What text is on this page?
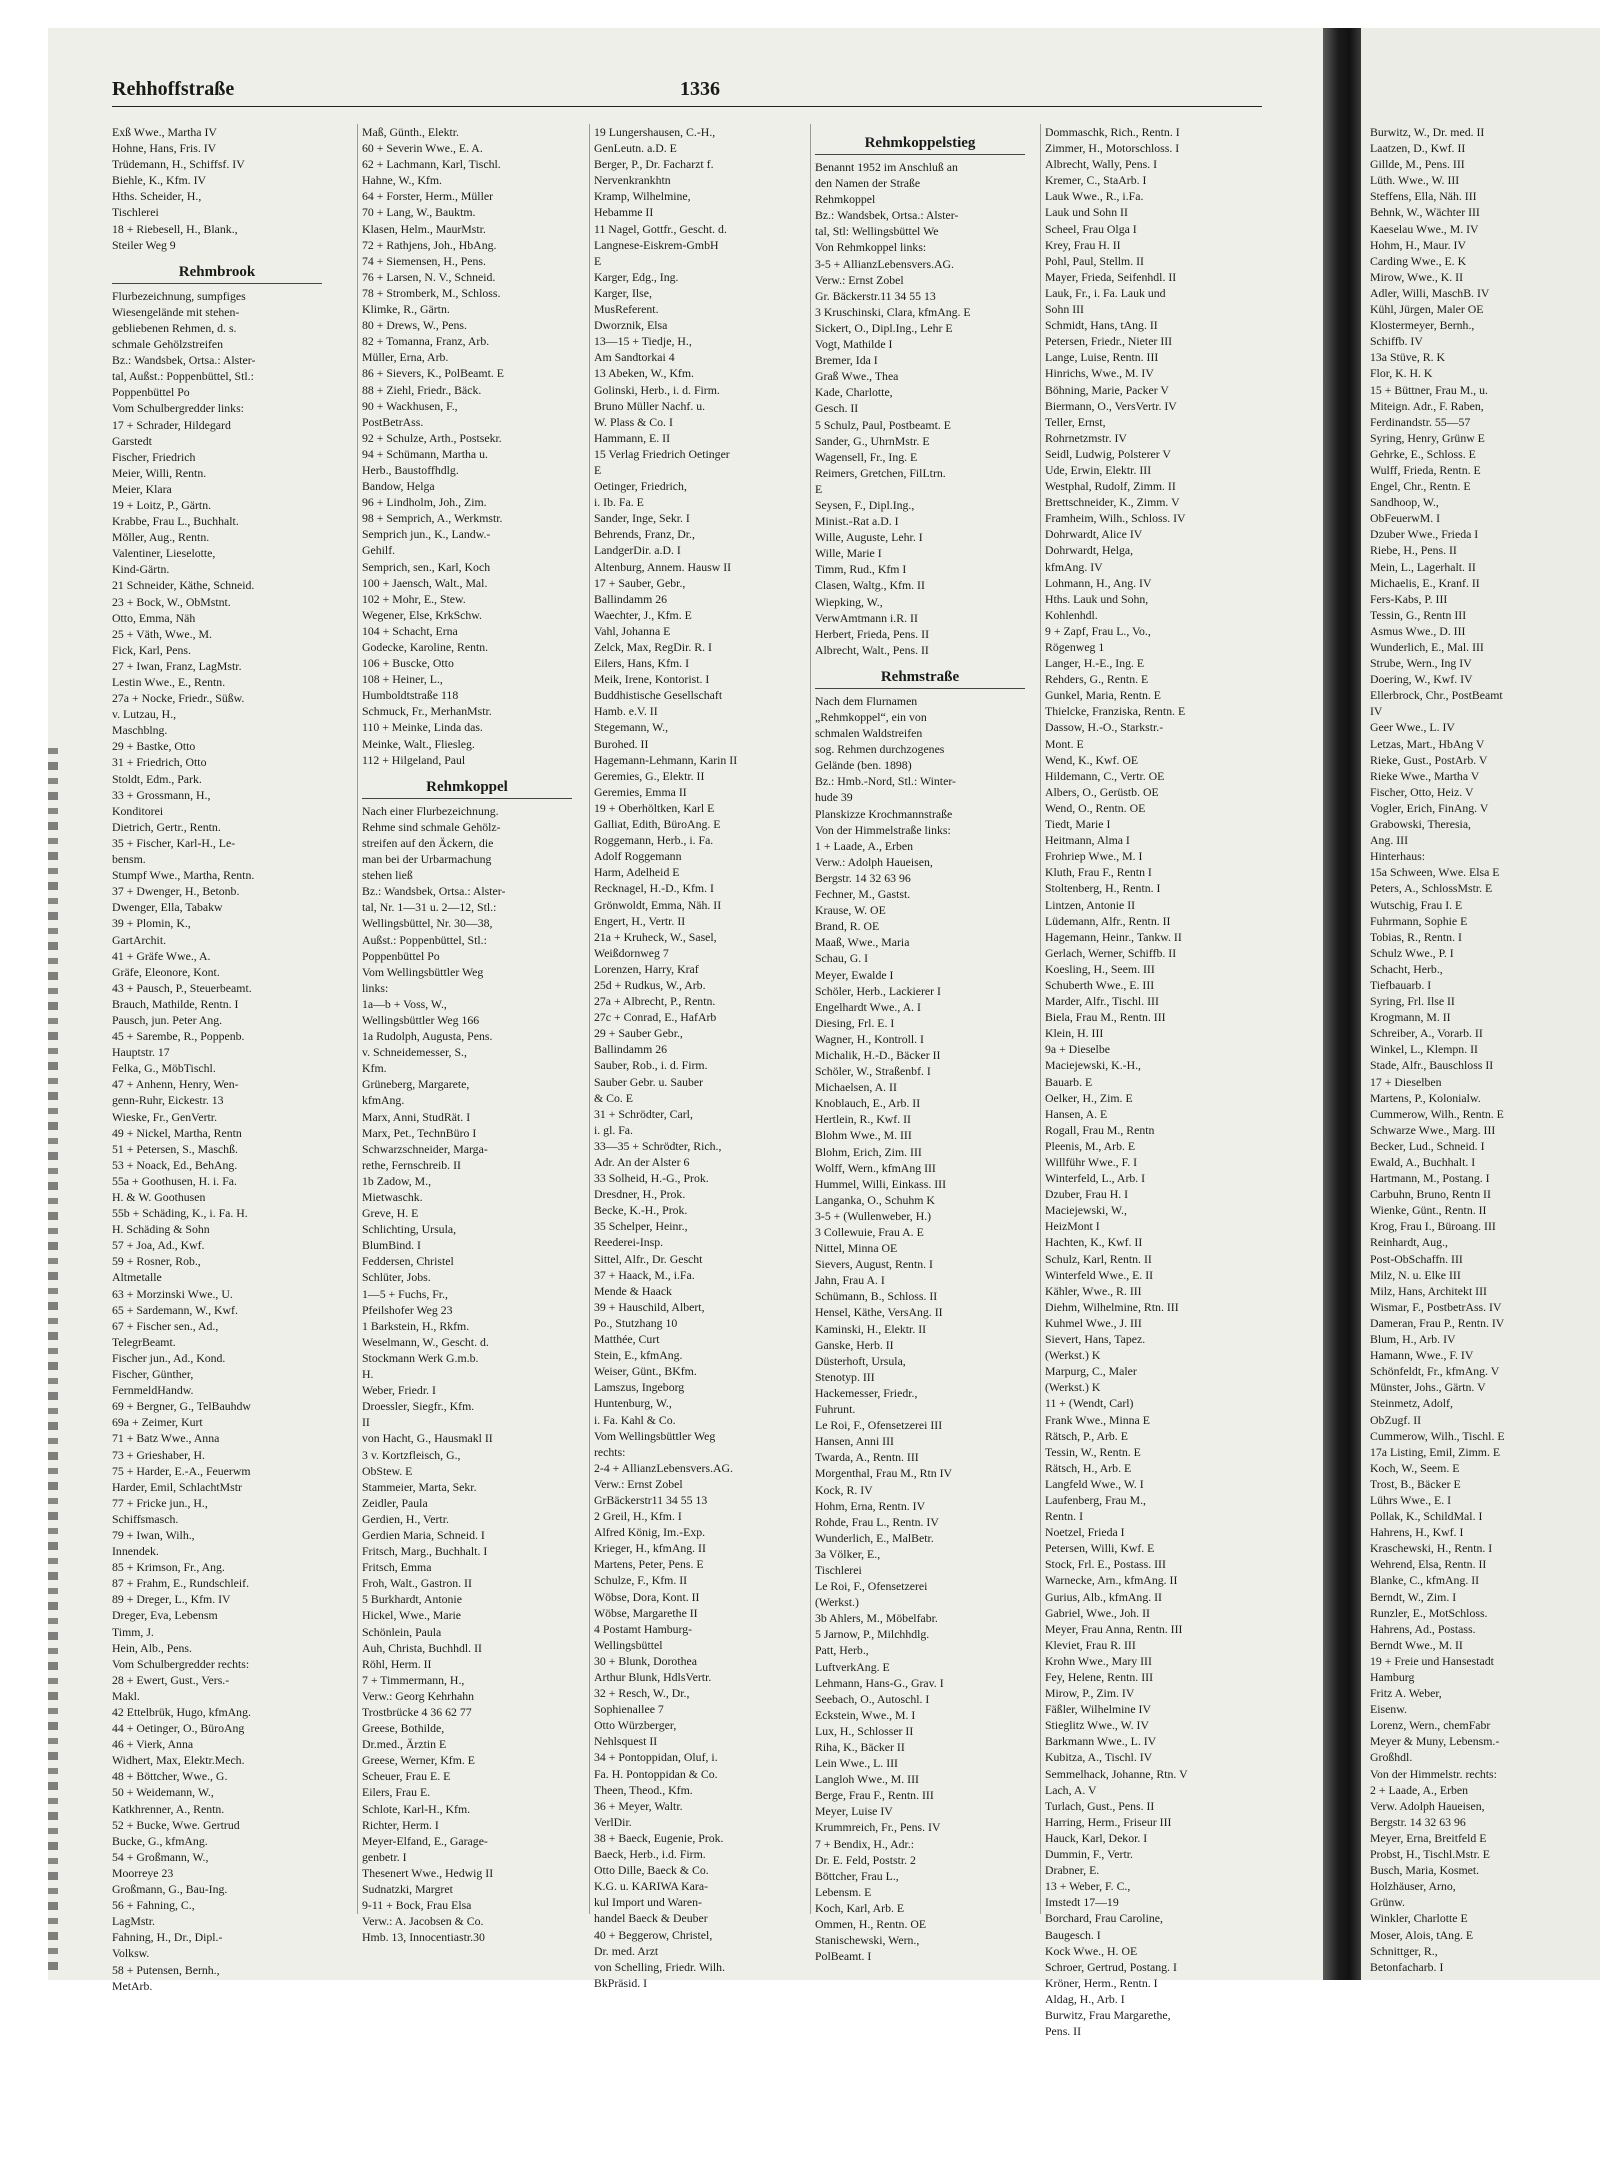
Rehhoffstraße	1336
Exß Wwe., Martha IV
Hohne, Hans, Fris. IV
Trüdemann, H., Schiffsf. IV
Biehle, K., Kfm. IV
Hths. Scheider, H.,
Tischlerei
18 + Riebesell, H., Blank.,
Steiler Weg 9
Rehmbrook
Flurbezeichnung, sumpfiges
Wiesengelände mit stehen-
gebliebenen Rehmen, d. s.
schmale Gehölzstreifen
Bz.: Wandsbek, Ortsa.: Alster-
tal, Außst.: Poppenbüttel, Stl.:
Poppenbüttel Po
Vom Schulbergredder links:
17 + Schrader, Hildegard
Garstedt
Fischer, Friedrich
Meier, Willi, Rentn.
Meier, Klara
19 + Loitz, P., Gärtn.
Krabbe, Frau L., Buchhalt.
Möller, Aug., Rentn.
Valentiner, Lieselotte,
Kind-Gärtn.
21 Schneider, Käthe, Schneid.
23 + Bock, W., ObMstnt.
Otto, Emma, Näh
25 + Väth, Wwe., M.
Fick, Karl, Pens.
27 + Iwan, Franz, LagMstr.
Lestin Wwe., E., Rentn.
27a + Nocke, Friedr., Süßw.
v. Lutzau, H.,
Maschblng.
29 + Bastke, Otto
31 + Friedrich, Otto
Stoldt, Edm., Park.
33 + Grossmann, H.,
Konditorei
Dietrich, Gertr., Rentn.
35 + Fischer, Karl-H., Le-
bensm.
Stumpf Wwe., Martha, Rentn.
37 + Dwenger, H., Betonb.
Dwenger, Ella, Tabakw
39 + Plomin, K.,
GartArchit.
41 + Gräfe Wwe., A.
Gräfe, Eleonore, Kont.
43 + Pausch, P., Steuerbeamt.
Brauch, Mathilde, Rentn. I
Pausch, jun. Peter Ang.
45 + Sarembe, R., Poppenb.
Hauptstr. 17
Felka, G., MöbTischl.
47 + Anhenn, Henry, Wen-
genn-Ruhr, Eickestr. 13
Wieske, Fr., GenVertr.
49 + Nickel, Martha, Rentn
51 + Petersen, S., Maschß.
53 + Noack, Ed., BehAng.
55a + Goothusen, H. i. Fa.
H. & W. Goothusen
55b + Schäding, K., i. Fa. H.
H. Schäding & Sohn
57 + Joa, Ad., Kwf.
59 + Rosner, Rob.,
Altmetalle
63 + Morzinski Wwe., U.
65 + Sardemann, W., Kwf.
67 + Fischer sen., Ad.,
TelegrBeamt.
Fischer jun., Ad., Kond.
Fischer, Günther,
FernmeldHandw.
69 + Bergner, G., TelBauhdw
69a + Zeimer, Kurt
71 + Batz Wwe., Anna
73 + Grieshaber, H.
75 + Harder, E.-A., Feuerwm
Harder, Emil, SchlachtMstr
77 + Fricke jun., H.,
Schiffsmasch.
79 + Iwan, Wilh.,
Innendek.
85 + Krimson, Fr., Ang.
87 + Frahm, E., Rundschleif.
89 + Dreger, L., Kfm. IV
Dreger, Eva, Lebensm
Timm, J.
Hein, Alb., Pens.
Vom Schulbergredder rechts:
28 + Ewert, Gust., Vers.-
Makl.
42 Ettelbrük, Hugo, kfmAng.
44 + Oetinger, O., BüroAng
46 + Vierk, Anna
Widhert, Max, Elektr.Mech.
48 + Böttcher, Wwe., G.
50 + Weidemann, W.,
Katkhrenner, A., Rentn.
52 + Bucke, Wwe. Gertrud
Bucke, G., kfmAng.
54 + Großmann, W.,
Moorreye 23
Großmann, G., Bau-Ing.
56 + Fahning, C.,
LagMstr.
Fahning, H., Dr., Dipl.-
Volksw.
58 + Putensen, Bernh.,
MetArb.
Maß, Günth., Elektr.
60 + Severin Wwe., E. A.
62 + Lachmann, Karl, Tischl.
Hahne, W., Kfm.
64 + Forster, Herm., Müller
70 + Lang, W., Bauktm.
Klasen, Helm., MaurMstr.
72 + Rathjens, Joh., HbAng.
74 + Siemensen, H., Pens.
76 + Larsen, N. V., Schneid.
78 + Stromberk, M., Schloss.
Klimke, R., Gärtn.
80 + Drews, W., Pens.
82 + Tomanna, Franz, Arb.
Müller, Erna, Arb.
86 + Sievers, K., PolBeamt. E
88 + Ziehl, Friedr., Bäck.
90 + Wackhusen, F.,
PostBetrAss.
92 + Schulze, Arth., Postsekr.
94 + Schümann, Martha u.
Herb., Baustoffhdlg.
Bandow, Helga
96 + Lindholm, Joh., Zim.
98 + Semprich, A., Werkmstr.
Semprich jun., K., Landw.-
Gehilf.
Semprich, sen., Karl, Koch
100 + Jaensch, Walt., Mal.
102 + Mohr, E., Stew.
Wegener, Else, KrkSchw.
104 + Schacht, Erna
Godecke, Karoline, Rentn.
106 + Buscke, Otto
108 + Heiner, L.,
Humboldtstraße 118
Schmuck, Fr., MerhanMstr.
110 + Meinke, Linda das.
Meinke, Walt., Fliesleg.
112 + Hilgeland, Paul
Rehmkoppel
Nach einer Flurbezeichnung.
Rehme sind schmale Gehölz-
streifen auf den Äckern, die
man bei der Urbarmachung
stehen ließ
Bz.: Wandsbek, Ortsa.: Alster-
tal, Nr. 1—31 u. 2—12, Stl.:
Wellingsbüttel, Nr. 30—38,
Außst.: Poppenbüttel, Stl.:
Poppenbüttel Po
Vom Wellingsbüttler Weg
links:
1a—b + Voss, W.,
Wellingsbüttler Weg 166
1a Rudolph, Augusta, Pens.
v. Schneidemesser, S.,
Kfm.
Grüneberg, Margarete,
kfmAng.
Marx, Anni, StudRät. I
Marx, Pet., TechnBüro I
Schwarzschneider, Marga-
rethe, Fernschreib. II
1b Zadow, M.,
Mietwaschk.
Greve, H. E
Schlichting, Ursula,
BlumBind. I
Feddersen, Christel
Schlüter, Jobs.
1—5 + Fuchs, Fr.,
Pfeilshofer Weg 23
1 Barkstein, H., Rkfm.
Weselmann, W., Gescht. d.
Stockmann Werk G.m.b.
H.
Weber, Friedr. I
Droessler, Siegfr., Kfm.
II
von Hacht, G., Hausmakl II
3 v. Kortzfleisch, G.,
ObStew. E
Stammeier, Marta, Sekr.
Zeidler, Paula
Gerdien, H., Vertr.
Gerdien Maria, Schneid. I
Fritsch, Marg., Buchhalt. I
Fritsch, Emma
Froh, Walt., Gastron. II
5 Burkhardt, Antonie
Hickel, Wwe., Marie
Schönlein, Paula
Auh, Christa, Buchhdl. II
Röhl, Herm. II
7 + Timmermann, H.,
Verw.: Georg Kehrhahn
Trostbrücke 4 36 62 77
Greese, Bothilde,
Dr.med., Ärztin E
Greese, Werner, Kfm. E
Scheuer, Frau E. E
Eilers, Frau E.
Schlote, Karl-H., Kfm.
Richter, Herm. I
Meyer-Elfand, E., Garage-
genbetr. I
Thesenert Wwe., Hedwig II
Sudnatzki, Margret
9-11 + Bock, Frau Elsa
Verw.: A. Jacobsen & Co.
Hmb. 13, Innocentiastr.30
19 Lungershausen, C.-H.,
GenLeutn. a.D. E
Berger, P., Dr. Facharzt f.
Nervenkrankhtn
Kramp, Wilhelmine,
Hebamme II
11 Nagel, Gottfr., Gescht. d.
Langnese-Eiskrem-GmbH
E
Karger, Edg., Ing.
Karger, Ilse,
MusReferent.
Dworznik, Elsa
13—15 + Tiedje, H.,
Am Sandtorkai 4
13 Abeken, W., Kfm.
Golinski, Herb., i. d. Firm.
Bruno Müller Nachf. u.
W. Plass & Co. I
Hammann, E. II
15 Verlag Friedrich Oetinger
E
Oetinger, Friedrich,
i. Ib. Fa. E
Sander, Inge, Sekr. I
Behrends, Franz, Dr.,
LandgerDir. a.D. I
Altenburg, Annem. Hausw II
17 + Sauber, Gebr.,
Ballindamm 26
Waechter, J., Kfm. E
Vahl, Johanna E
Zelck, Max, RegDir. R. I
Eilers, Hans, Kfm. I
Meik, Irene, Kontorist. I
Buddhistische Gesellschaft
Hamb. e.V. II
Stegemann, W.,
Burohed. II
Hagemann-Lehmann, Karin II
Geremies, G., Elektr. II
Geremies, Emma II
19 + Oberhöltken, Karl E
Galliat, Edith, BüroAng. E
Roggemann, Herb., i. Fa.
Adolf Roggemann
Harm, Adelheid E
Recknagel, H.-D., Kfm. I
Grönwoldt, Emma, Näh. II
Engert, H., Vertr. II
21a + Kruheck, W., Sasel,
Weißdornweg 7
Lorenzen, Harry, Kraf
25d + Rudkus, W., Arb.
27a + Albrecht, P., Rentn.
27c + Conrad, E., HafArb
29 + Sauber Gebr.,
Ballindamm 26
Sauber, Rob., i. d. Firm.
Sauber Gebr. u. Sauber
& Co. E
31 + Schrödter, Carl,
i. gl. Fa.
33—35 + Schrödter, Rich.,
Adr. An der Alster 6
33 Solheid, H.-G., Prok.
Dresdner, H., Prok.
Becke, K.-H., Prok.
35 Schelper, Heinr.,
Reederei-Insp.
Sittel, Alfr., Dr. Gescht
37 + Haack, M., i.Fa.
Mende & Haack
39 + Hauschild, Albert,
Po., Stutzhang 10
Matthée, Curt
Stein, E., kfmAng.
Weiser, Günt., BKfm.
Lamszus, Ingeborg
Huntenburg, W.,
i. Fa. Kahl & Co.
Vom Wellingsbüttler Weg
rechts:
2-4 + AllianzLebensvers.AG.
Verw.: Ernst Zobel
GrBäckerstr11 34 55 13
2 Greil, H., Kfm. I
Alfred König, Im.-Exp.
Krieger, H., kfmAng. II
Martens, Peter, Pens. E
Schulze, F., Kfm. II
Wöbse, Dora, Kont. II
Wöbse, Margarethe II
4 Postamt Hamburg-
Wellingsbüttel
30 + Blunk, Dorothea
Arthur Blunk, HdlsVertr.
32 + Resch, W., Dr.,
Sophienallee 7
Otto Würzberger,
Nehlsquest II
34 + Pontoppidan, Oluf, i.
Fa. H. Pontoppidan & Co.
Theen, Theod., Kfm.
36 + Meyer, Waltr.
VerlDir.
38 + Baeck, Eugenie, Prok.
Baeck, Herb., i.d. Firm.
Otto Dille, Baeck & Co.
K.G. u. KARIWA Kara-
kul Import und Waren-
handel Baeck & Deuber
40 + Beggerow, Christel,
Dr. med. Arzt
von Schelling, Friedr. Wilh.
BkPräsid. I
Rehmkoppelstieg
Benannt 1952 im Anschluß an
den Namen der Straße
Rehmkoppel
Bz.: Wandsbek, Ortsa.: Alster-
tal, Stl: Wellingsbüttel We
Von Rehmkoppel links:
3-5 + AllianzLebensvers.AG.
Verw.: Ernst Zobel
Gr. Bäckerstr.11 34 55 13
3 Kruschinski, Clara, kfmAng. E
Sickert, O., Dipl.Ing., Lehr E
Vogt, Mathilde I
Bremer, Ida I
Graß Wwe., Thea
Kade, Charlotte,
Gesch. II
5 Schulz, Paul, Postbeamt. E
Sander, G., UhrnMstr. E
Wagensell, Fr., Ing. E
Reimers, Gretchen, FilLtrn.
E
Seysen, F., Dipl.Ing.,
Minist.-Rat a.D. I
Wille, Auguste, Lehr. I
Wille, Marie I
Timm, Rud., Kfm I
Clasen, Waltg., Kfm. II
Wiepking, W.,
VerwAmtmann i.R. II
Herbert, Frieda, Pens. II
Albrecht, Walt., Pens. II
Rehmstraße
Nach dem Flurnamen
„Rehmkoppel“, ein von
schmalen Waldstreifen
sog. Rehmen durchzogenes
Gelände (ben. 1898)
Bz.: Hmb.-Nord, Stl.: Winter-
hude 39
Planskizze Krochmannstraße
Von der Himmelstraße links:
1 + Laade, A., Erben
Verw.: Adolph Haueisen,
Bergstr. 14 32 63 96
Fechner, M., Gastst.
Krause, W. OE
Brand, R. OE
Maaß, Wwe., Maria
Schau, G. I
Meyer, Ewalde I
Schöler, Herb., Lackierer I
Engelhardt Wwe., A. I
Diesing, Frl. E. I
Wagner, H., Kontroll. I
Michalik, H.-D., Bäcker II
Schöler, W., Straßenbf. I
Michaelsen, A. II
Knoblauch, E., Arb. II
Hertlein, R., Kwf. II
Blohm Wwe., M. III
Blohm, Erich, Zim. III
Wolff, Wern., kfmAng III
Hummel, Willi, Einkass. III
Langanka, O., Schuhm K
3-5 + (Wullenweber, H.)
3 Collewuie, Frau A. E
Nittel, Minna OE
Sievers, August, Rentn. I
Jahn, Frau A. I
Schümann, B., Schloss. II
Hensel, Käthe, VersAng. II
Kaminski, H., Elektr. II
Ganske, Herb. II
Düsterhoft, Ursula,
Stenotyp. III
Hackemesser, Friedr.,
Fuhrunt.
Le Roi, F., Ofensetzerei III
Hansen, Anni III
Twarda, A., Rentn. III
Morgenthal, Frau M., Rtn IV
Kock, R. IV
Hohm, Erna, Rentn. IV
Rohde, Frau L., Rentn. IV
Wunderlich, E., MalBetr.
3a Völker, E.,
Tischlerei
Le Roi, F., Ofensetzerei
(Werkst.)
3b Ahlers, M., Möbelfabr.
5 Jarnow, P., Milchhdlg.
Patt, Herb.,
LuftverkAng. E
Lehmann, Hans-G., Grav. I
Seebach, O., Autoschl. I
Eckstein, Wwe., M. I
Lux, H., Schlosser II
Riha, K., Bäcker II
Lein Wwe., L. III
Langloh Wwe., M. III
Berge, Frau F., Rentn. III
Meyer, Luise IV
Krummreich, Fr., Pens. IV
7 + Bendix, H., Adr.:
Dr. E. Feld, Poststr. 2
Böttcher, Frau L.,
Lebensm. E
Koch, Karl, Arb. E
Ommen, H., Rentn. OE
Stanischewski, Wern.,
PolBeamt. I
Dommaschk, Rich., Rentn. I
Zimmer, H., Motorschloss. I
Albrecht, Wally, Pens. I
Kremer, C., StaArb. I
Lauk Wwe., R., i.Fa.
Lauk und Sohn II
Scheel, Frau Olga I
Krey, Frau H. II
Pohl, Paul, Stellm. II
Mayer, Frieda, Seifenhdl. II
Lauk, Fr., i. Fa. Lauk und
Sohn III
Schmidt, Hans, tAng. II
Petersen, Friedr., Nieter III
Lange, Luise, Rentn. III
Hinrichs, Wwe., M. IV
Böhning, Marie, Packer V
Biermann, O., VersVertr. IV
Teller, Ernst,
Rohrnetzmstr. IV
Seidl, Ludwig, Polsterer V
Ude, Erwin, Elektr. III
Westphal, Rudolf, Zimm. II
Brettschneider, K., Zimm. V
Framheim, Wilh., Schloss. IV
Dohrwardt, Alice IV
Dohrwardt, Helga,
kfmAng. IV
Lohmann, H., Ang. IV
Hths. Lauk und Sohn,
Kohlenhdl.
9 + Zapf, Frau L., Vo.,
Rögenweg 1
Langer, H.-E., Ing. E
Rehders, G., Rentn. E
Gunkel, Maria, Rentn. E
Thielcke, Franziska, Rentn. E
Dassow, H.-O., Starkstr.-
Mont. E
Wend, K., Kwf. OE
Hildemann, C., Vertr. OE
Albers, O., Gerüstb. OE
Wend, O., Rentn. OE
Tiedt, Marie I
Heitmann, Alma I
Frohriep Wwe., M. I
Kluth, Frau F., Rentn I
Stoltenberg, H., Rentn. I
Lintzen, Antonie II
Lüdemann, Alfr., Rentn. II
Hagemann, Heinr., Tankw. II
Gerlach, Werner, Schiffb. II
Koesling, H., Seem. III
Schuberth Wwe., E. III
Marder, Alfr., Tischl. III
Biela, Frau M., Rentn. III
Klein, H. III
9a + Dieselbe
Maciejewski, K.-H.,
Bauarb. E
Oelker, H., Zim. E
Hansen, A. E
Rogall, Frau M., Rentn
Pleenis, M., Arb. E
Willführ Wwe., F. I
Winterfeld, L., Arb. I
Dzuber, Frau H. I
Maciejewski, W.,
HeizMont I
Hachten, K., Kwf. II
Schulz, Karl, Rentn. II
Winterfeld Wwe., E. II
Kähler, Wwe., R. III
Diehm, Wilhelmine, Rtn. III
Kuhmel Wwe., J. III
Sievert, Hans, Tapez.
(Werkst.) K
Marpurg, C., Maler
(Werkst.) K
11 + (Wendt, Carl)
Frank Wwe., Minna E
Rätsch, P., Arb. E
Tessin, W., Rentn. E
Rätsch, H., Arb. E
Langfeld Wwe., W. I
Laufenberg, Frau M.,
Rentn. I
Noetzel, Frieda I
Petersen, Willi, Kwf. E
Stock, Frl. E., Postass. III
Warnecke, Arn., kfmAng. II
Gurius, Alb., kfmAng. II
Gabriel, Wwe., Joh. II
Meyer, Frau Anna, Rentn. III
Kleviet, Frau R. III
Krohn Wwe., Mary III
Fey, Helene, Rentn. III
Mirow, P., Zim. IV
Fäßler, Wilhelmine IV
Stieglitz Wwe., W. IV
Barkmann Wwe., L. IV
Kubitza, A., Tischl. IV
Semmelhack, Johanne, Rtn. V
Lach, A. V
Turlach, Gust., Pens. II
Harring, Herm., Friseur III
Hauck, Karl, Dekor. I
Dummin, F., Vertr.
Drabner, E.
13 + Weber, F. C.,
Imstedt 17—19
Borchard, Frau Caroline,
Baugesch. I
Kock Wwe., H. OE
Schroer, Gertrud, Postang. I
Kröner, Herm., Rentn. I
Aldag, H., Arb. I
Burwitz, Frau Margarethe,
Pens. II
Burwitz, W., Dr. med. II
Laatzen, D., Kwf. II
Gillde, M., Pens. III
Lüth. Wwe., W. III
Steffens, Ella, Näh. III
Behnk, W., Wächter III
Kaeselau Wwe., M. IV
Hohm, H., Maur. IV
Carding Wwe., E. K
Mirow, Wwe., K. II
Adler, Willi, MaschB. IV
Kühl, Jürgen, Maler OE
Klostermeyer, Bernh.,
Schiffb. IV
13a Stüve, R. K
Flor, K. H. K
15 + Büttner, Frau M., u.
Miteign. Adr., F. Raben,
Ferdinandstr. 55—57
Syring, Henry, Grünw E
Gehrke, E., Schloss. E
Wulff, Frieda, Rentn. E
Engel, Chr., Rentn. E
Sandhoop, W.,
ObFeuerwM. I
Dzuber Wwe., Frieda I
Riebe, H., Pens. II
Mein, L., Lagerhalt. II
Michaelis, E., Kranf. II
Fers-Kabs, P. III
Tessin, G., Rentn III
Asmus Wwe., D. III
Wunderlich, E., Mal. III
Strube, Wern., Ing IV
Doering, W., Kwf. IV
Ellerbrock, Chr., PostBeamt
IV
Geer Wwe., L. IV
Letzas, Mart., HbAng V
Rieke, Gust., PostArb. V
Rieke Wwe., Martha V
Fischer, Otto, Heiz. V
Vogler, Erich, FinAng. V
Grabowski, Theresia,
Ang. III
Hinterhaus:
15a Schween, Wwe. Elsa E
Peters, A., SchlossMstr. E
Wutschig, Frau I. E
Fuhrmann, Sophie E
Tobias, R., Rentn. I
Schulz Wwe., P. I
Schacht, Herb.,
Tiefbauarb. I
Syring, Frl. Ilse II
Krogmann, M. II
Schreiber, A., Vorarb. II
Winkel, L., Klempn. II
Stade, Alfr., Bauschloss II
17 + Dieselben
Martens, P., Kolonialw.
Cummerow, Wilh., Rentn. E
Schwarze Wwe., Marg. III
Becker, Lud., Schneid. I
Ewald, A., Buchhalt. I
Hartmann, M., Postang. I
Carbuhn, Bruno, Rentn II
Wienke, Günt., Rentn. II
Krog, Frau I., Büroang. III
Reinhardt, Aug.,
Post-ObSchaffn. III
Milz, N. u. Elke III
Milz, Hans, Architekt III
Wismar, F., PostbetrAss. IV
Dameran, Frau P., Rentn. IV
Blum, H., Arb. IV
Hamann, Wwe., F. IV
Schönfeldt, Fr., kfmAng. V
Münster, Johs., Gärtn. V
Steinmetz, Adolf,
ObZugf. II
Cummerow, Wilh., Tischl. E
17a Listing, Emil, Zimm. E
Koch, W., Seem. E
Trost, B., Bäcker E
Lührs Wwe., E. I
Pollak, K., SchildMal. I
Hahrens, H., Kwf. I
Kraschewski, H., Rentn. I
Wehrend, Elsa, Rentn. II
Blanke, C., kfmAng. II
Berndt, W., Zim. I
Runzler, E., MotSchloss.
Hahrens, Ad., Postass.
Berndt Wwe., M. II
19 + Freie und Hansestadt
Hamburg
Fritz A. Weber,
Eisenw.
Lorenz, Wern., chemFabr
Meyer & Muny, Lebensm.-
Großhdl.
Von der Himmelstr. rechts:
2 + Laade, A., Erben
Verw. Adolph Haueisen,
Bergstr. 14 32 63 96
Meyer, Erna, Breitfeld E
Probst, H., Tischl.Mstr. E
Busch, Maria, Kosmet.
Holzhäuser, Arno,
Grünw.
Winkler, Charlotte E
Moser, Alois, tAng. E
Schnittger, R.,
Betonfacharb. I
